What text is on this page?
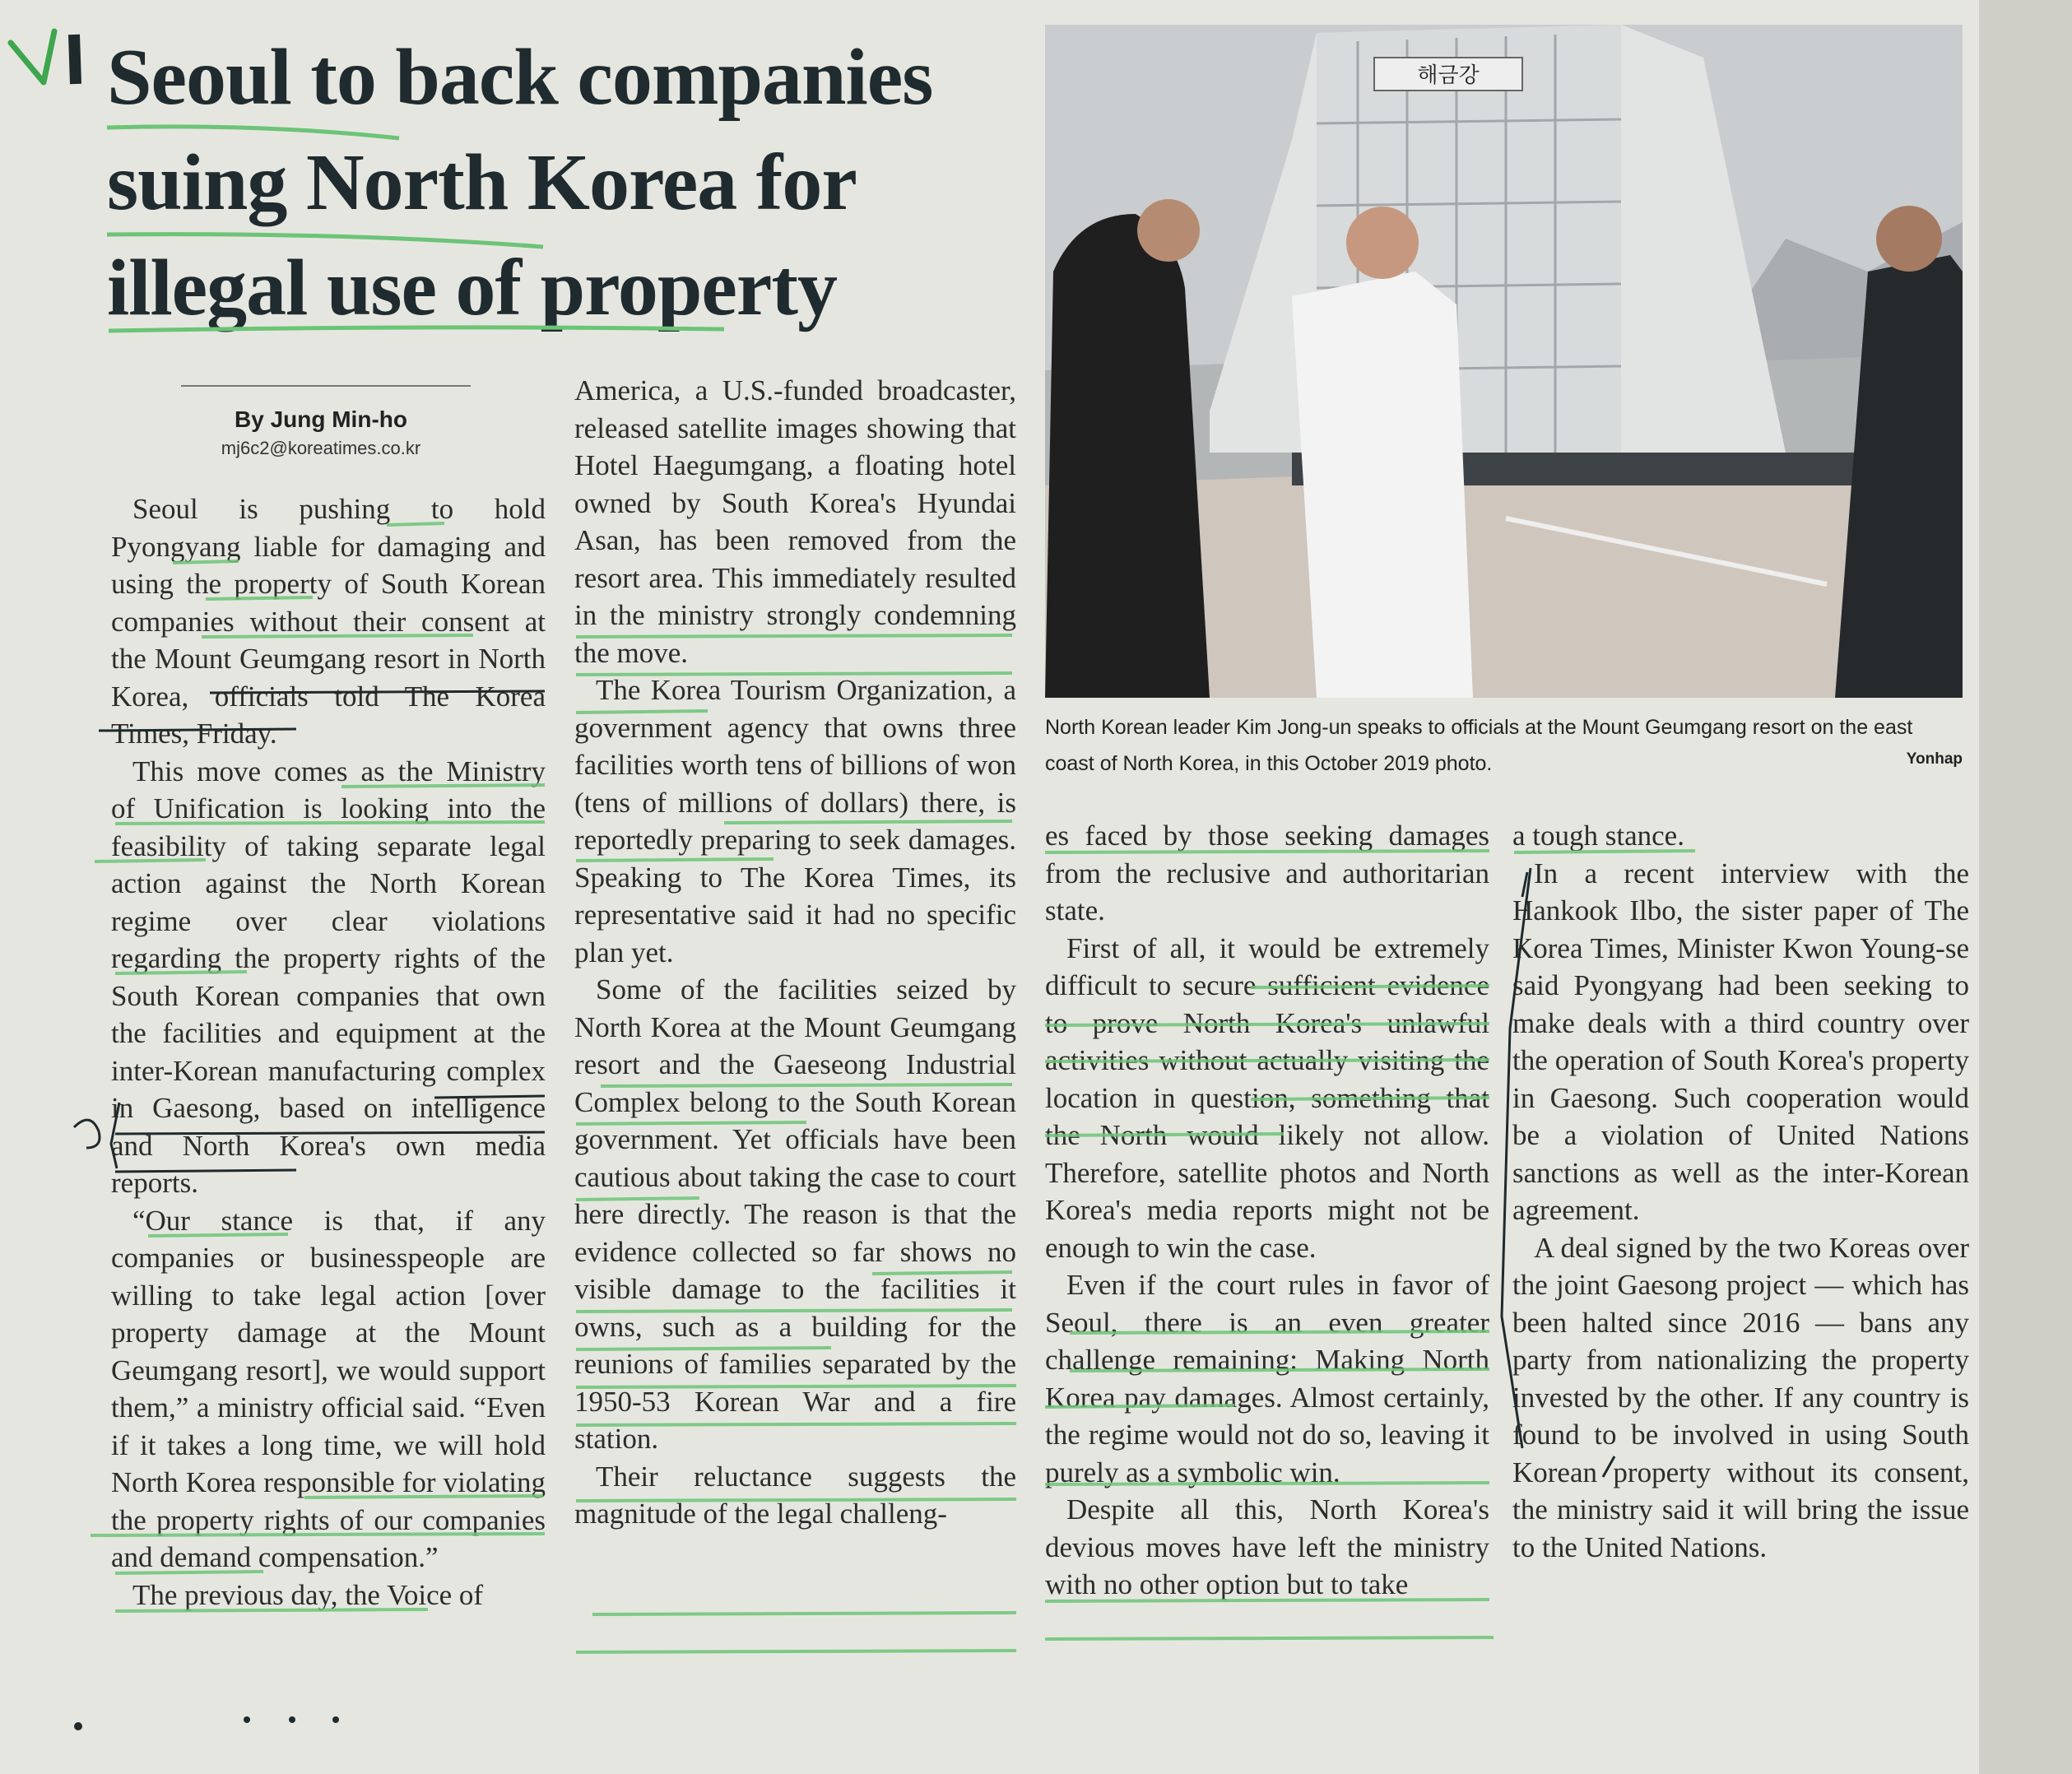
Seoul to back companies suing North Korea for illegal use of property
By Jung Min-ho
mj6c2@koreatimes.co.kr

Seoul is pushing to hold Pyongyang liable for damaging and using the property of South Korean companies without their consent at the Mount Geumgang resort in North Korea, officials told The Korea Times, Friday.

This move comes as the Ministry of Unification is looking into the feasibility of taking separate legal action against the North Korean regime over clear violations regarding the property rights of the South Korean companies that own the facilities and equipment at the inter-Korean manufacturing complex in Gaesong, based on intelligence and North Korea's own media reports.

“Our stance is that, if any companies or businesspeople are willing to take legal action [over property damage at the Mount Geumgang resort], we would support them,” a ministry official said. “Even if it takes a long time, we will hold North Korea responsible for violating the property rights of our companies and demand compensation.”

The previous day, the Voice of

America, a U.S.-funded broadcaster, released satellite images showing that Hotel Haegumgang, a floating hotel owned by South Korea's Hyundai Asan, has been removed from the resort area. This immediately resulted in the ministry strongly condemning the move.

The Korea Tourism Organization, a government agency that owns three facilities worth tens of billions of won (tens of millions of dollars) there, is reportedly preparing to seek damages. Speaking to The Korea Times, its representative said it had no specific plan yet.

Some of the facilities seized by North Korea at the Mount Geumgang resort and the Gaeseong Industrial Complex belong to the South Korean government. Yet officials have been cautious about taking the case to court here directly. The reason is that the evidence collected so far shows no visible damage to the facilities it owns, such as a building for the reunions of families separated by the 1950-53 Korean War and a fire station.

Their reluctance suggests the magnitude of the legal challeng-

해금강

North Korean leader Kim Jong-un speaks to officials at the Mount Geumgang resort on the east coast of North Korea, in this October 2019 photo.	Yonhap

es faced by those seeking damages from the reclusive and authoritarian state.

First of all, it would be extremely difficult to secure sufficient evidence to prove North Korea's unlawful activities without actually visiting the location in question, something that the North would likely not allow. Therefore, satellite photos and North Korea's media reports might not be enough to win the case.

Even if the court rules in favor of Seoul, there is an even greater challenge remaining: Making North Korea pay damages. Almost certainly, the regime would not do so, leaving it purely as a symbolic win.

Despite all this, North Korea's devious moves have left the ministry with no other option but to take

a tough stance.

In a recent interview with the Hankook Ilbo, the sister paper of The Korea Times, Minister Kwon Young-se said Pyongyang had been seeking to make deals with a third country over the operation of South Korea's property in Gaesong. Such cooperation would be a violation of United Nations sanctions as well as the inter-Korean agreement.

A deal signed by the two Koreas over the joint Gaesong project — which has been halted since 2016 — bans any party from nationalizing the property invested by the other. If any country is found to be involved in using South Korean property without its consent, the ministry said it will bring the issue to the United Nations.
